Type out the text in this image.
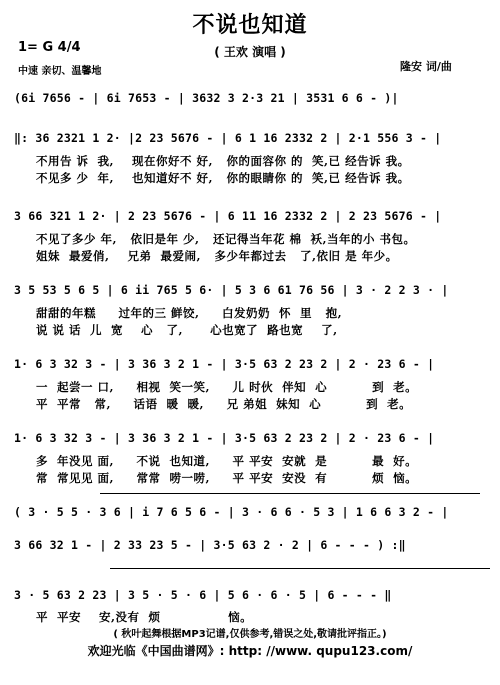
不说也知道
( 王欢 演唱 )
1= G 4/4
中速 亲切、温馨地	隆安 词/曲
(6i 7656 - | 6i 7653 - | 3632 3 2·3 21 | 3531 6 6 - )|
‖: 36 2321 1 2· |2 23 5676 - | 6 1 16 2332 2 | 2·1 556 3 - |
不用告 诉  我,    现在你好不 好,   你的面容你 的  笑,已 经告诉 我。
不见多 少  年,    也知道好不 好,   你的眼睛你 的  笑,已 经告诉 我。
3 66 321 1 2· | 2 23 5676 - | 6 11 16 2332 2 | 2 23 5676 - |
不见了多少 年,   依旧是年 少,   还记得当年花 棉  袄,当年的小 书包。
姐妹  最爱俏,    兄弟  最爱闹,   多少年都过去   了,依旧 是 年少。
3 5 53 5 6 5 | 6 ii 765 5 6· | 5 3 6 61 76 56 | 3 · 2 2 3 · |
甜甜的年糕     过年的三 鲜饺,     白发奶奶  怀  里   抱,
说 说 话  儿  宽    心   了,      心也宽了  路也宽    了,
1· 6 3 32 3 - | 3 36 3 2 1 - | 3·5 63 2 23 2 | 2 · 23 6 - |
一  起尝一 口,     相视  笑一笑,     儿 时伙  伴知  心          到  老。
平  平常   常,     话语  暖  暖,     兄 弟姐  妹知  心          到  老。
1· 6 3 32 3 - | 3 36 3 2 1 - | 3·5 63 2 23 2 | 2 · 23 6 - |
多  年没见 面,     不说  也知道,     平 平安  安就  是          最  好。
常  常见见 面,     常常  唠一唠,     平 平安  安没  有          烦  恼。
( 3 · 5 5 · 3 6 | i 7 6 5 6 - | 3 · 6 6 · 5 3 | 1 6 6 3 2 - |
3 66 32 1 - | 2 33 23 5 - | 3·5 63 2 · 2 | 6 - - - ) :‖
3 · 5 63 2 23 | 3 5 · 5 · 6 | 5 6 · 6 · 5 | 6 - - - ‖
平  平安    安,没有  烦               恼。
( 秋叶起舞根据MP3记谱,仅供参考,错误之处,敬请批评指正。)
欢迎光临《中国曲谱网》: http: //www. qupu123.com/
